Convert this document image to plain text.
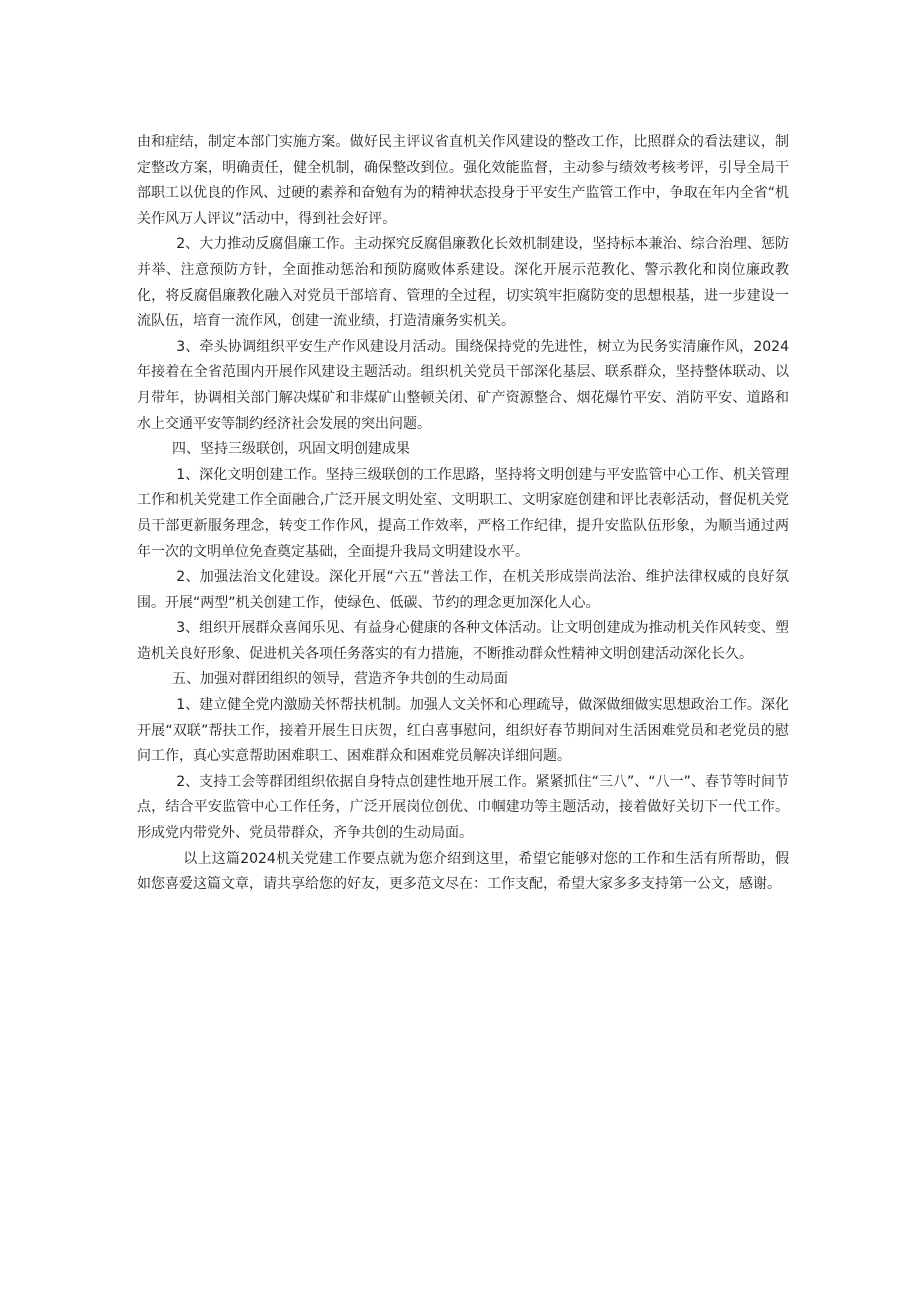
由和症结，制定本部门实施方案。做好民主评议省直机关作风建设的整改工作，比照群众的看法建议，制定整改方案，明确责任，健全机制，确保整改到位。强化效能监督，主动参与绩效考核考评，引导全局干部职工以优良的作风、过硬的素养和奋勉有为的精神状态投身于平安生产监管工作中，争取在年内全省“机关作风万人评议”活动中，得到社会好评。

2、大力推动反腐倡廉工作。主动探究反腐倡廉教化长效机制建设，坚持标本兼治、综合治理、惩防并举、注意预防方针，全面推动惩治和预防腐败体系建设。深化开展示范教化、警示教化和岗位廉政教化，将反腐倡廉教化融入对党员干部培育、管理的全过程，切实筑牢拒腐防变的思想根基，进一步建设一流队伍，培育一流作风，创建一流业绩，打造清廉务实机关。

3、牵头协调组织平安生产作风建设月活动。围绕保持党的先进性，树立为民务实清廉作风，2024年接着在全省范围内开展作风建设主题活动。组织机关党员干部深化基层、联系群众，坚持整体联动、以月带年，协调相关部门解决煤矿和非煤矿山整顿关闭、矿产资源整合、烟花爆竹平安、消防平安、道路和水上交通平安等制约经济社会发展的突出问题。

四、坚持三级联创，巩固文明创建成果

1、深化文明创建工作。坚持三级联创的工作思路，坚持将文明创建与平安监管中心工作、机关管理工作和机关党建工作全面融合,广泛开展文明处室、文明职工、文明家庭创建和评比表彰活动，督促机关党员干部更新服务理念，转变工作作风，提高工作效率，严格工作纪律，提升安监队伍形象，为顺当通过两年一次的文明单位免查奠定基础，全面提升我局文明建设水平。

2、加强法治文化建设。深化开展“六五”普法工作，在机关形成崇尚法治、维护法律权威的良好氛围。开展“两型”机关创建工作，使绿色、低碳、节约的理念更加深化人心。

3、组织开展群众喜闻乐见、有益身心健康的各种文体活动。让文明创建成为推动机关作风转变、塑造机关良好形象、促进机关各项任务落实的有力措施，不断推动群众性精神文明创建活动深化长久。

五、加强对群团组织的领导，营造齐争共创的生动局面

1、建立健全党内激励关怀帮扶机制。加强人文关怀和心理疏导，做深做细做实思想政治工作。深化开展“双联”帮扶工作，接着开展生日庆贺，红白喜事慰问，组织好春节期间对生活困难党员和老党员的慰问工作，真心实意帮助困难职工、困难群众和困难党员解决详细问题。

2、支持工会等群团组织依据自身特点创建性地开展工作。紧紧抓住“三八”、“八一”、春节等时间节点，结合平安监管中心工作任务，广泛开展岗位创优、巾帼建功等主题活动，接着做好关切下一代工作。形成党内带党外、党员带群众，齐争共创的生动局面。

以上这篇2024机关党建工作要点就为您介绍到这里，希望它能够对您的工作和生活有所帮助，假如您喜爱这篇文章，请共享给您的好友，更多范文尽在：工作支配，希望大家多多支持第一公文，感谢。
